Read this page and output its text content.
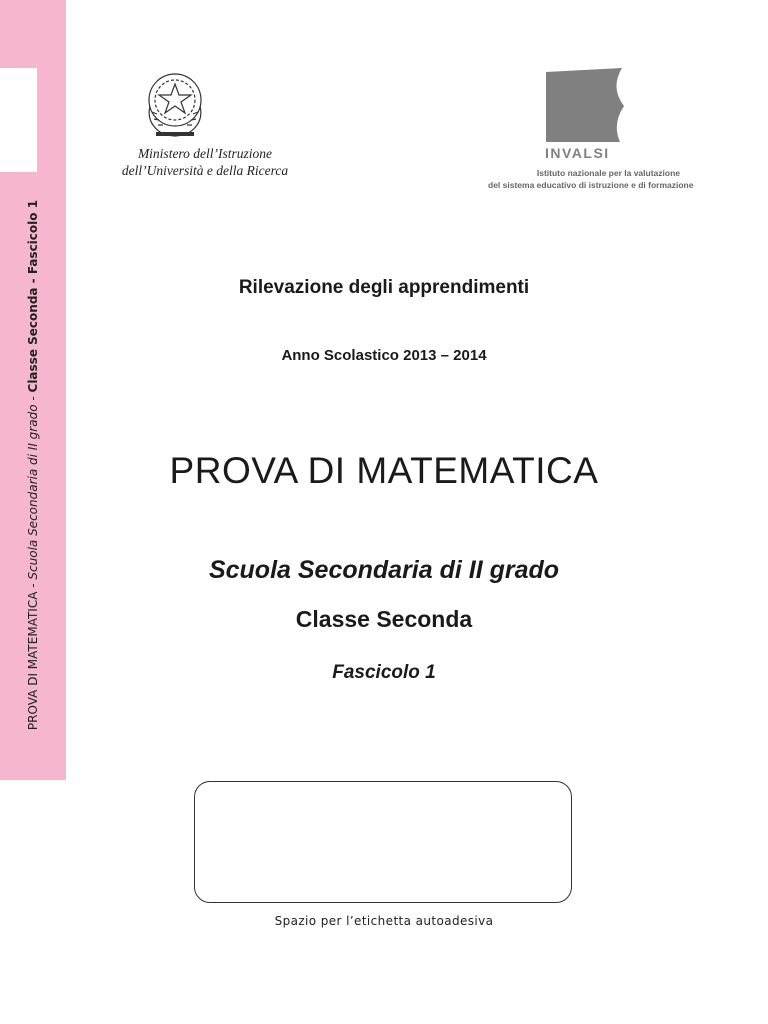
PROVA DI MATEMATICA - Scuola Secondaria di II grado - Classe Seconda - Fascicolo 1
Ministero dell’Istruzione
dell’Università e della Ricerca
INVALSI
Istituto nazionale per la valutazione
del sistema educativo di istruzione e di formazione
Rilevazione degli apprendimenti
Anno Scolastico 2013 – 2014
PROVA DI MATEMATICA
Scuola Secondaria di II grado
Classe Seconda
Fascicolo 1
Spazio per l’etichetta autoadesiva
